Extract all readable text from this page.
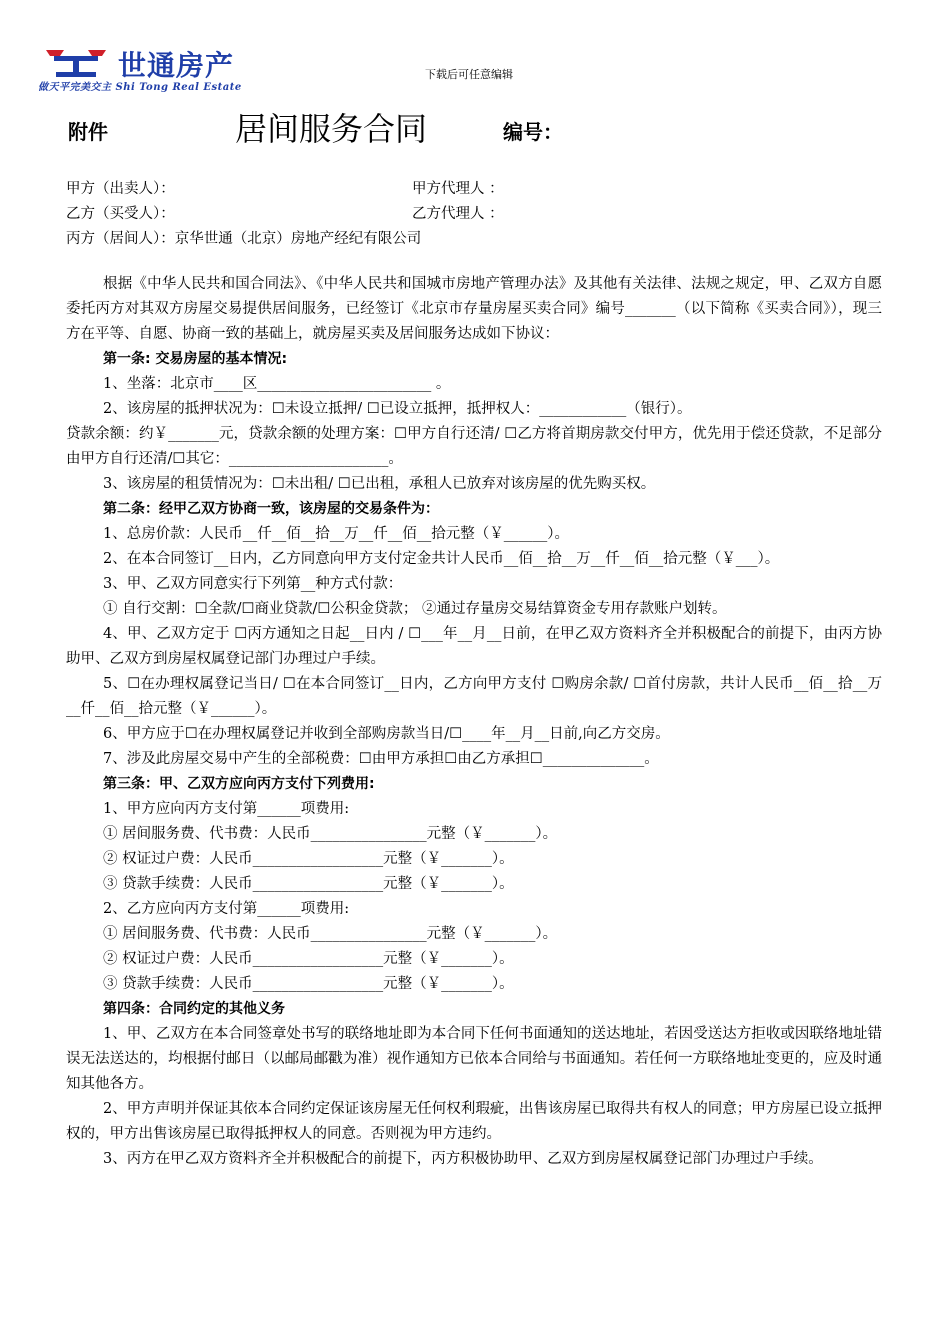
世通房产
做天平完美交主 Shi Tong Real Estate
下载后可任意编辑
附件	居间服务合同	编号：
甲方（出卖人）：	甲方代理人 ：
乙方（买受人）：	乙方代理人 ：
丙方（居间人）：京华世通（北京）房地产经纪有限公司

根据《中华人民共和国合同法》、《中华人民共和国城市房地产管理办法》及其他有关法律、法规之规定，甲、乙双方自愿委托丙方对其双方房屋交易提供居间服务，已经签订《北京市存量房屋买卖合同》编号_______（以下简称《买卖合同》），现三方在平等、自愿、协商一致的基础上，就房屋买卖及居间服务达成如下协议：

第一条: 交易房屋的基本情况:

1、坐落：北京市____区________________________ 。

2、该房屋的抵押状况为：☐未设立抵押/ ☐已设立抵押，抵押权人：____________（银行）。

贷款余额：约￥_______元，贷款余额的处理方案：☐甲方自行还清/ ☐乙方将首期房款交付甲方，优先用于偿还贷款，不足部分由甲方自行还清/☐其它：______________________。

3、该房屋的租赁情况为：☐未出租/ ☐已出租，承租人已放弃对该房屋的优先购买权。

第二条：经甲乙双方协商一致，该房屋的交易条件为：

1、总房价款：人民币__仟__佰__拾__万__仟__佰__拾元整（￥______）。

2、在本合同签订__日内，乙方同意向甲方支付定金共计人民币__佰__拾__万__仟__佰__拾元整（￥___）。

3、甲、乙双方同意实行下列第__种方式付款：

① 自行交割：☐全款/☐商业贷款/☐公积金贷款； ②通过存量房交易结算资金专用存款账户划转。

4、甲、乙双方定于 ☐丙方通知之日起__日内 / ☐___年__月__日前，在甲乙双方资料齐全并积极配合的前提下，由丙方协助甲、乙双方到房屋权属登记部门办理过户手续。

5、☐在办理权属登记当日/ ☐在本合同签订__日内，乙方向甲方支付 ☐购房余款/ ☐首付房款，共计人民币__佰__拾__万__仟__佰__拾元整（￥______）。

6、甲方应于☐在办理权属登记并收到全部购房款当日/☐____年__月__日前,向乙方交房。

7、涉及此房屋交易中产生的全部税费：☐由甲方承担☐由乙方承担☐______________。

第三条：甲、乙双方应向丙方支付下列费用:

1、甲方应向丙方支付第______项费用:

① 居间服务费、代书费：人民币________________元整（￥_______）。

② 权证过户费：人民币__________________元整（￥_______）。

③ 贷款手续费：人民币__________________元整（￥_______）。

2、乙方应向丙方支付第______项费用:

① 居间服务费、代书费：人民币________________元整（￥_______）。

② 权证过户费：人民币__________________元整（￥_______）。

③ 贷款手续费：人民币__________________元整（￥_______）。

第四条：合同约定的其他义务

1、甲、乙双方在本合同签章处书写的联络地址即为本合同下任何书面通知的送达地址，若因受送达方拒收或因联络地址错误无法送达的，均根据付邮日（以邮局邮戳为准）视作通知方已依本合同给与书面通知。若任何一方联络地址变更的，应及时通知其他各方。

2、甲方声明并保证其依本合同约定保证该房屋无任何权利瑕疵，出售该房屋已取得共有权人的同意；甲方房屋已设立抵押权的，甲方出售该房屋已取得抵押权人的同意。否则视为甲方违约。

3、丙方在甲乙双方资料齐全并积极配合的前提下，丙方积极协助甲、乙双方到房屋权属登记部门办理过户手续。
